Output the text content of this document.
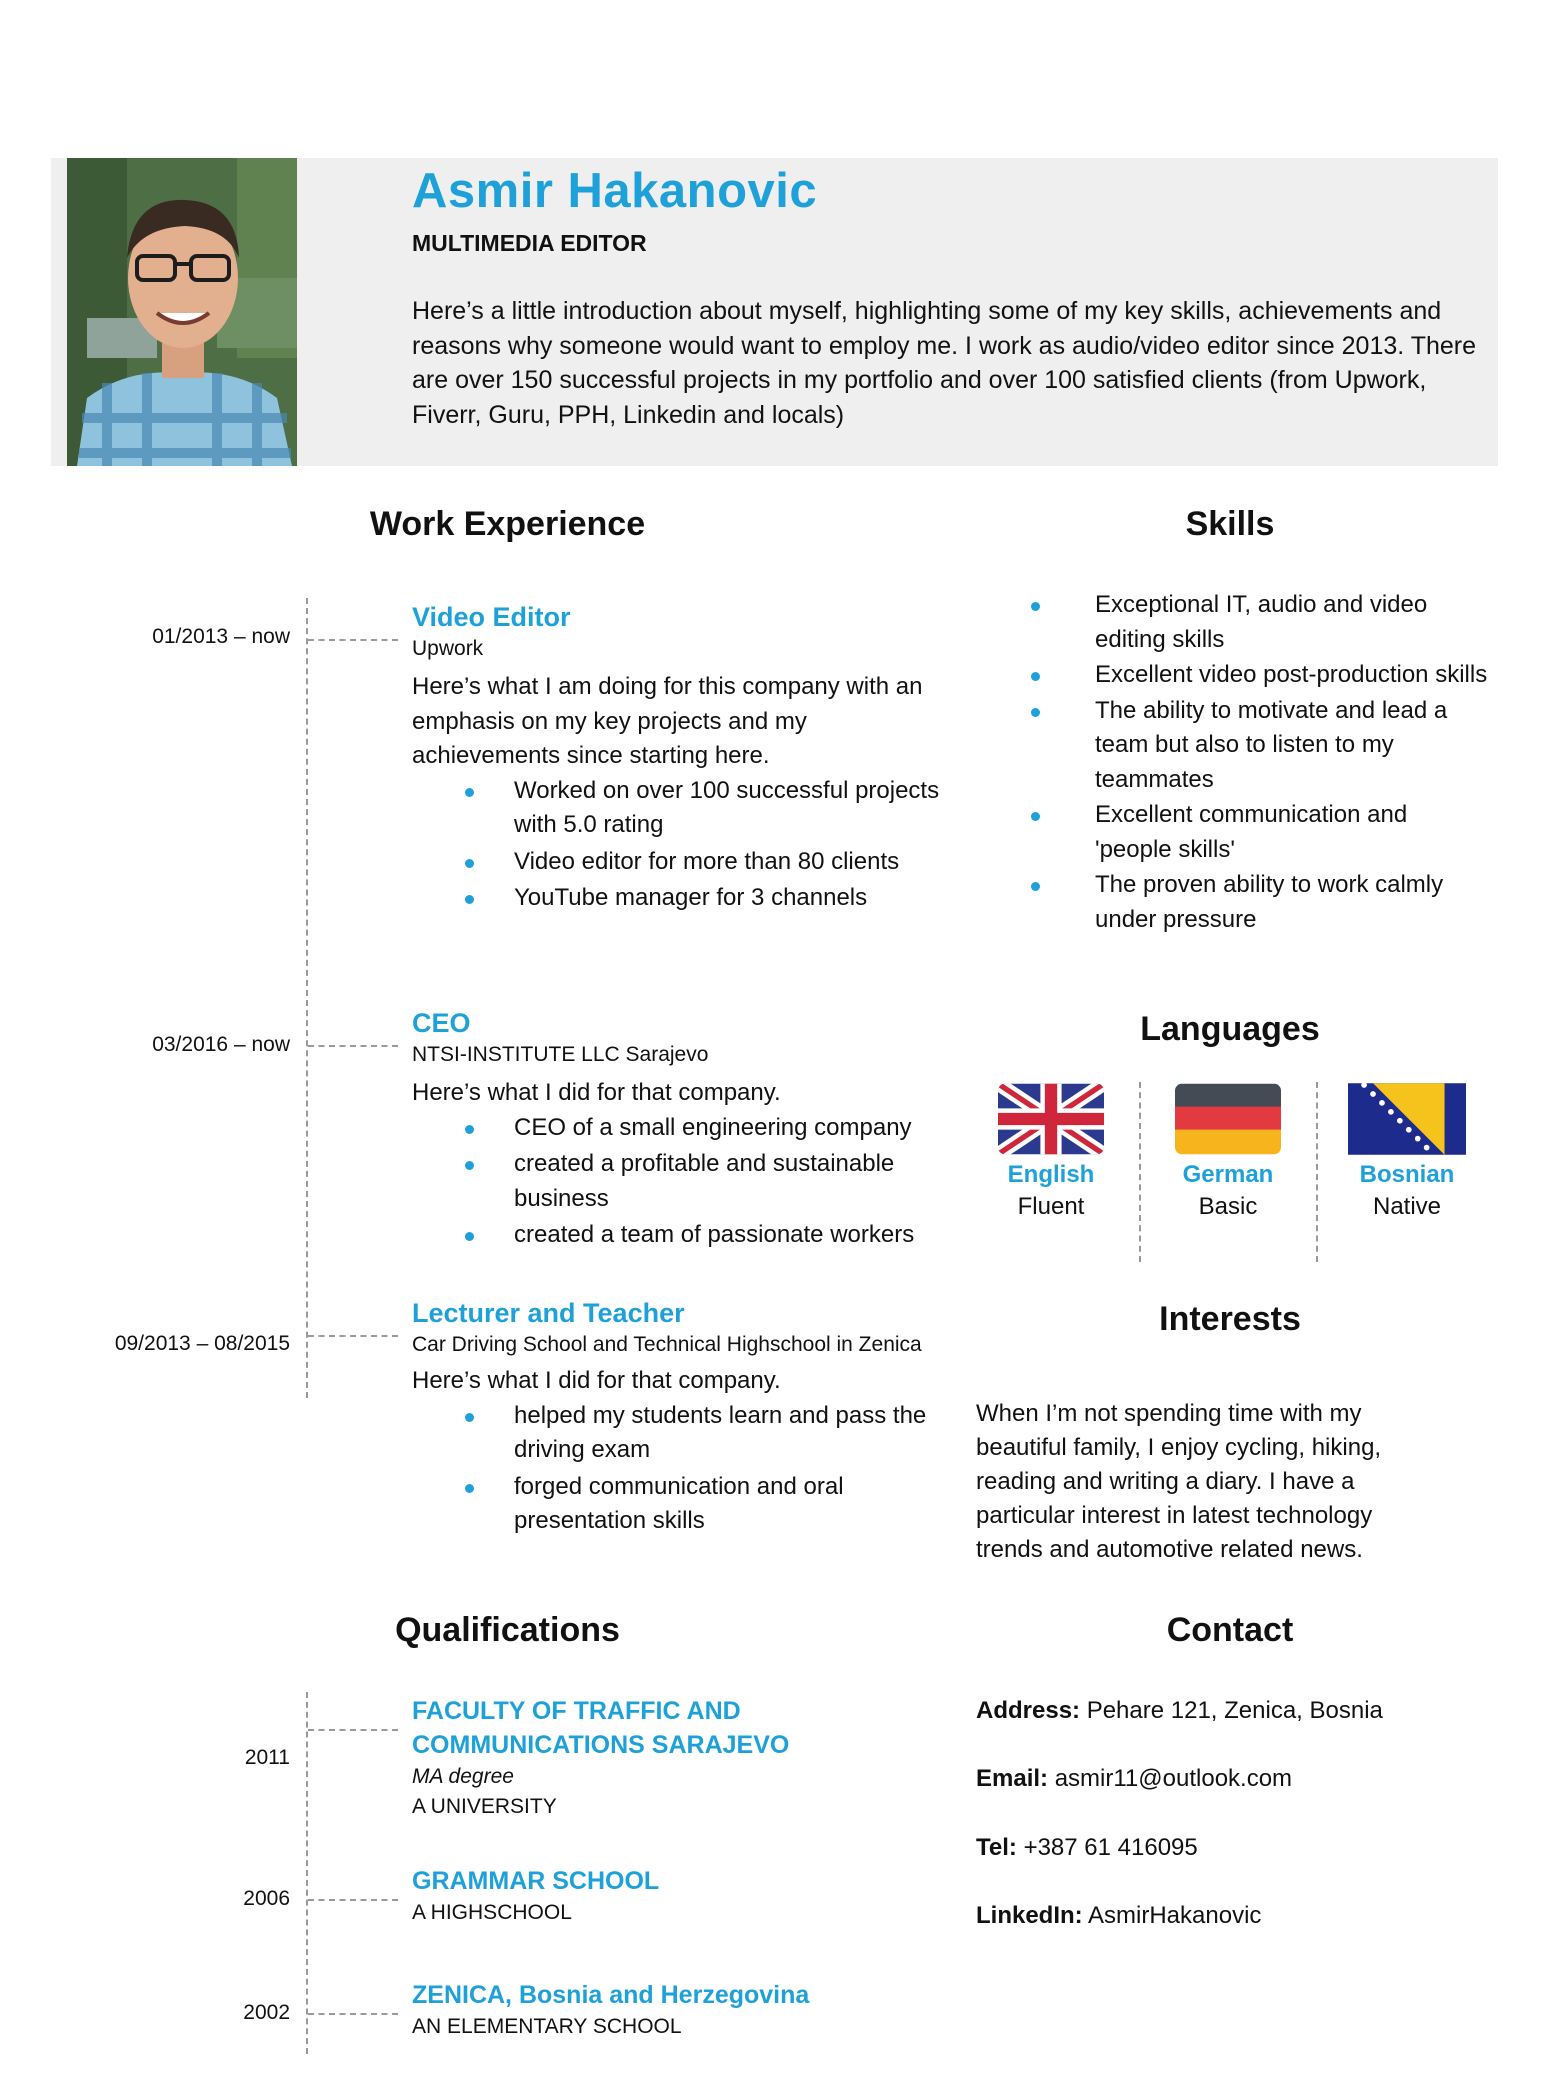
Asmir Hakanovic
MULTIMEDIA EDITOR
Here’s a little introduction about myself, highlighting some of my key skills, achievements and reasons why someone would want to employ me. I work as audio/video editor since 2013. There are over 150 successful projects in my portfolio and over 100 satisfied clients (from Upwork, Fiverr, Guru, PPH, Linkedin and locals)
Work Experience
01/2013 – now
Video Editor
Upwork
Here’s what I am doing for this company with an emphasis on my key projects and my achievements since starting here.
Worked on over 100 successful projects with 5.0 rating
Video editor for more than 80 clients
YouTube manager for 3 channels
03/2016 – now
CEO
NTSI-INSTITUTE LLC Sarajevo
Here’s what I did for that company.
CEO of a small engineering company
created a profitable and sustainable business
created a team of passionate workers
09/2013 – 08/2015
Lecturer and Teacher
Car Driving School and Technical Highschool in Zenica
Here’s what I did for that company.
helped my students learn and pass the driving exam
forged communication and oral presentation skills
Skills
Exceptional IT, audio and video editing skills
Excellent video post-production skills
The ability to motivate and lead a team but also to listen to my teammates
Excellent communication and 'people skills'
The proven ability to work calmly under pressure
Languages
English
Fluent
German
Basic
Bosnian
Native
Interests
When I’m not spending time with my beautiful family, I enjoy cycling, hiking, reading and writing a diary. I have a particular interest in latest technology trends and automotive related news.
Qualifications
2011
FACULTY OF TRAFFIC AND
COMMUNICATIONS SARAJEVO
MA degree
A UNIVERSITY
2006
GRAMMAR SCHOOL
A HIGHSCHOOL
2002
ZENICA, Bosnia and Herzegovina
AN ELEMENTARY SCHOOL
Contact
Address: Pehare 121, Zenica, Bosnia
Email: asmir11@outlook.com
Tel: +387 61 416095
LinkedIn: AsmirHakanovic
